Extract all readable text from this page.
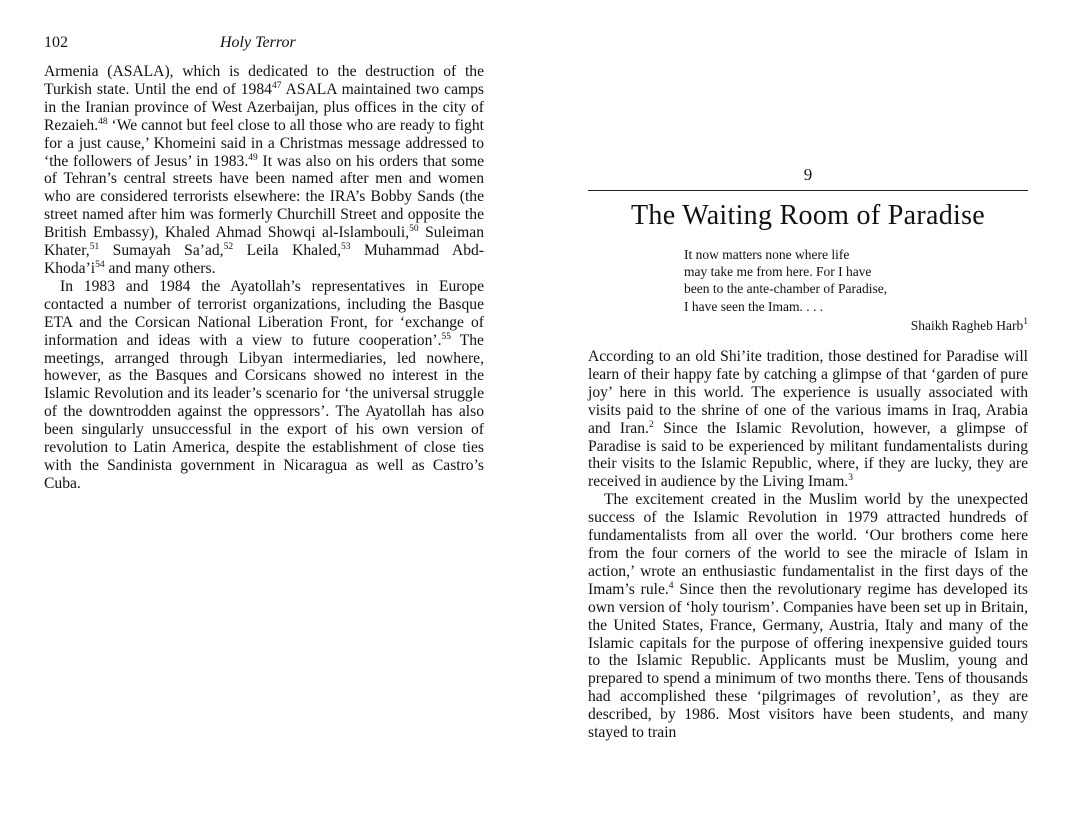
102	Holy Terror

Armenia (ASALA), which is dedicated to the destruction of the Turkish state. Until the end of 1984$^{47}$ ASALA maintained two camps in the Iranian province of West Azerbaijan, plus offices in the city of Rezaieh.$^{48}$ ‘We cannot but feel close to all those who are ready to fight for a just cause,’ Khomeini said in a Christmas message addressed to ‘the followers of Jesus’ in 1983.49 It was also on his orders that some of Tehran’s central streets have been named after men and women who are considered terrorists elsewhere: the IRA’s Bobby Sands (the street named after him was formerly Churchill Street and opposite the British Embassy), Khaled Ahmad Showqi al-Islambouli,$^{50}$ Suleiman Khater,$^{51}$ Sumayah Sa’ad,$^{52}$ Leila Khaled,$^{53}$ Muhammad Abd-$Khoda’i^{54}$ and many others.

In 1983 and 1984 the Ayatollah’s representatives in Europe contacted a number of terrorist organizations, including the Basque ETA and the Corsican National Liberation Front, for ‘exchange of information and ideas with a view to future cooperation’.$^{55}$ The meetings, arranged through Libyan intermediaries, led nowhere, however, as the Basques and Corsicans showed no interest in the Islamic Revolution and its leader’s scenario for ‘the universal struggle of the downtrodden against the oppressors’. The Ayatollah has also been singularly unsuccessful in the export of his own version of revolution to Latin America, despite the establishment of close ties with the Sandinista government in Nicaragua as well as Castro’s Cuba.

9
The Waiting Room of Paradise
It now matters none where life
may take me from here. For I have
been to the ante-chamber of Paradise,
I have seen the Imam. . . .
Shaikh Ragheb Harb$^1$

According to an old Shi’ite tradition, those destined for Paradise will learn of their happy fate by catching a glimpse of that ‘garden of pure joy’ here in this world. The experience is usually associated with visits paid to the shrine of one of the various imams in Iraq, Arabia and Iran.$^2$ Since the Islamic Revolution, however, a glimpse of Paradise is said to be experienced by militant fundamentalists during their visits to the Islamic Republic, where, if they are lucky, they are received in audience by the Living Imam.$^3$

The excitement created in the Muslim world by the unexpected success of the Islamic Revolution in 1979 attracted hundreds of fundamentalists from all over the world. ‘Our brothers come here from the four corners of the world to see the miracle of Islam in action,’ wrote an enthusiastic fundamentalist in the first days of the Imam’s rule.$^4$ Since then the revolutionary regime has developed its own version of ‘holy tourism’. Companies have been set up in Britain, the United States, France, Germany, Austria, Italy and many of the Islamic capitals for the purpose of offering inexpensive guided tours to the Islamic Republic. Applicants must be Muslim, young and prepared to spend a minimum of two months there. Tens of thousands had accomplished these ‘pilgrimages of revolution’, as they are described, by 1986. Most visitors have been students, and many stayed to train
